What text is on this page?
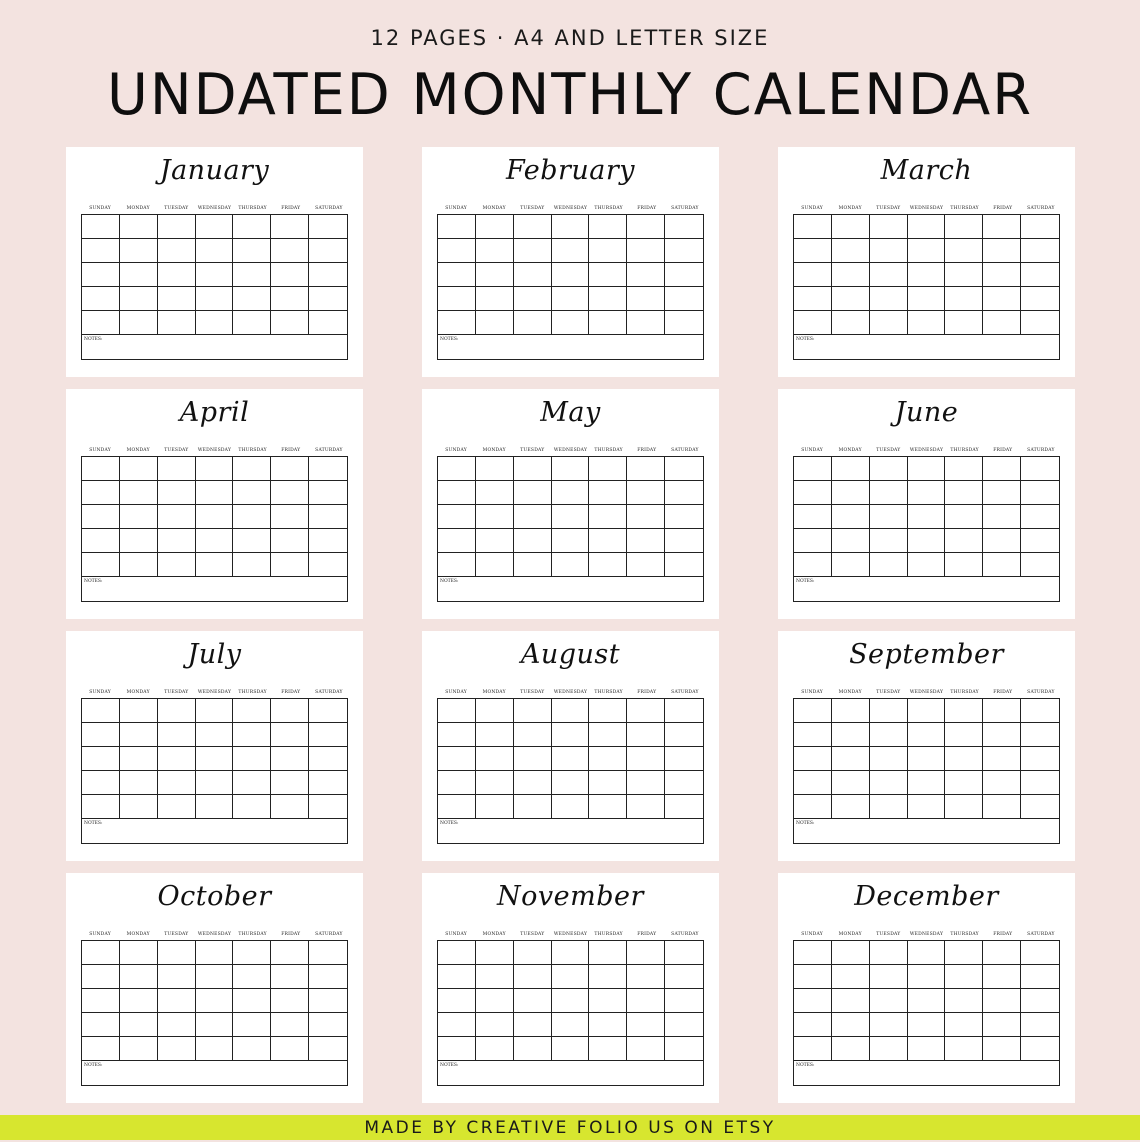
12 PAGES · A4 AND LETTER SIZE
UNDATED MONTHLY CALENDAR
January
SUNDAY	MONDAY	TUESDAY	WEDNESDAY	THURSDAY	FRIDAY	SATURDAY
NOTES:
February
SUNDAY	MONDAY	TUESDAY	WEDNESDAY	THURSDAY	FRIDAY	SATURDAY
NOTES:
March
SUNDAY	MONDAY	TUESDAY	WEDNESDAY	THURSDAY	FRIDAY	SATURDAY
NOTES:
April
SUNDAY	MONDAY	TUESDAY	WEDNESDAY	THURSDAY	FRIDAY	SATURDAY
NOTES:
May
SUNDAY	MONDAY	TUESDAY	WEDNESDAY	THURSDAY	FRIDAY	SATURDAY
NOTES:
June
SUNDAY	MONDAY	TUESDAY	WEDNESDAY	THURSDAY	FRIDAY	SATURDAY
NOTES:
July
SUNDAY	MONDAY	TUESDAY	WEDNESDAY	THURSDAY	FRIDAY	SATURDAY
NOTES:
August
SUNDAY	MONDAY	TUESDAY	WEDNESDAY	THURSDAY	FRIDAY	SATURDAY
NOTES:
September
SUNDAY	MONDAY	TUESDAY	WEDNESDAY	THURSDAY	FRIDAY	SATURDAY
NOTES:
October
SUNDAY	MONDAY	TUESDAY	WEDNESDAY	THURSDAY	FRIDAY	SATURDAY
NOTES:
November
SUNDAY	MONDAY	TUESDAY	WEDNESDAY	THURSDAY	FRIDAY	SATURDAY
NOTES:
December
SUNDAY	MONDAY	TUESDAY	WEDNESDAY	THURSDAY	FRIDAY	SATURDAY
NOTES:
MADE BY CREATIVE FOLIO US ON ETSY
